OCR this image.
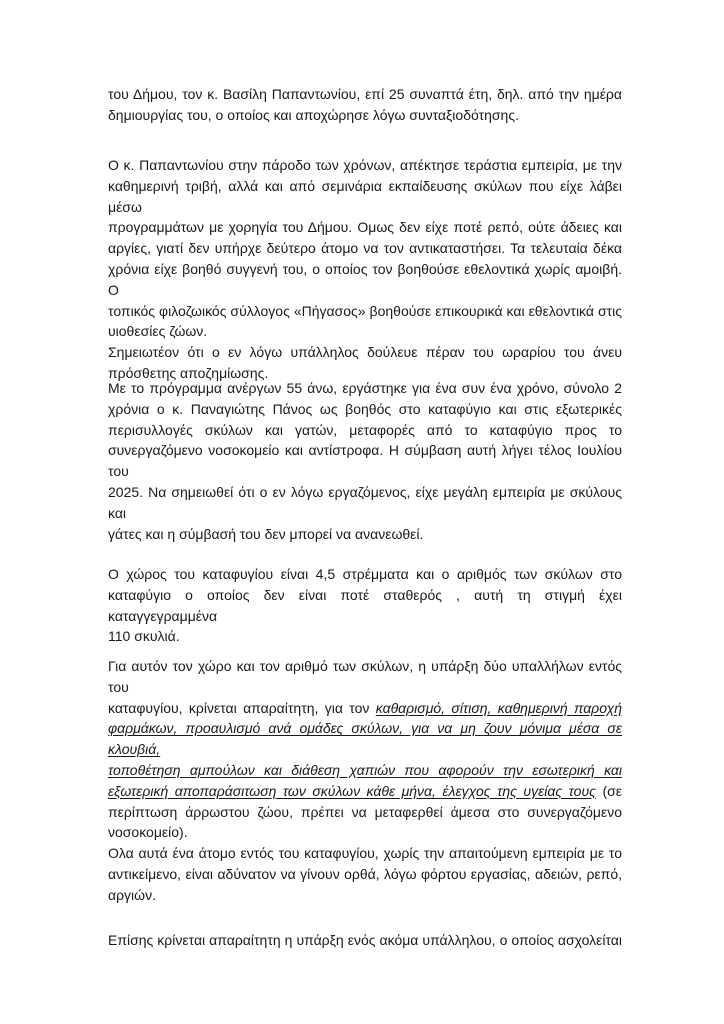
του Δήμου, τον κ. Βασίλη Παπαντωνίου, επί 25 συναπτά έτη, δηλ. από την ημέρα
δημιουργίας του, ο οποίος και αποχώρησε λόγω συνταξιοδότησης.
Ο κ. Παπαντωνίου στην πάροδο των χρόνων, απέκτησε τεράστια εμπειρία, με την
καθημερινή τριβή, αλλά και από σεμινάρια εκπαίδευσης σκύλων που είχε λάβει μέσω
προγραμμάτων με χορηγία του Δήμου. Ομως δεν είχε ποτέ ρεπό, ούτε άδειες και
αργίες, γιατί δεν υπήρχε δεύτερο άτομο να τον αντικαταστήσει. Τα τελευταία δέκα
χρόνια είχε βοηθό συγγενή του, ο οποίος τον βοηθούσε εθελοντικά χωρίς αμοιβή. Ο
τοπικός φιλοζωικός σύλλογος «Πήγασος» βοηθούσε επικουρικά και εθελοντικά στις
υιοθεσίες ζώων.
Σημειωτέον ότι ο εν λόγω υπάλληλος δούλευε πέραν του ωραρίου του άνευ
πρόσθετης αποζημίωσης.
Με το πρόγραμμα ανέργων 55 άνω, εργάστηκε για ένα συν ένα χρόνο, σύνολο 2
χρόνια ο κ. Παναγιώτης Πάνος ως βοηθός στο καταφύγιο και στις εξωτερικές
περισυλλογές σκύλων και γατών, μεταφορές από το καταφύγιο προς το
συνεργαζόμενο νοσοκομείο και αντίστροφα. Η σύμβαση αυτή λήγει τέλος Ιουλίου του
2025. Να σημειωθεί ότι ο εν λόγω εργαζόμενος, είχε μεγάλη εμπειρία με σκύλους και
γάτες και η σύμβασή του δεν μπορεί να ανανεωθεί.
Ο χώρος του καταφυγίου είναι 4,5 στρέμματα και ο αριθμός των σκύλων στο
καταφύγιο ο οποίος δεν είναι ποτέ σταθερός , αυτή τη στιγμή έχει καταγγεγραμμένα
110 σκυλιά.
Για αυτόν τον χώρο και τον αριθμό των σκύλων, η υπάρξη δύο υπαλλήλων εντός του
καταφυγίου, κρίνεται απαραίτητη, για τον καθαρισμό, σίτιση, καθημερινή παροχή
φαρμάκων, προαυλισμό ανά ομάδες σκύλων, για να μη ζουν μόνιμα μέσα σε κλουβιά,
τοποθέτηση αμπούλων και διάθεση χαπιών που αφορούν την εσωτερική και
εξωτερική αποπαράσιτωση των σκύλων κάθε μήνα, έλεγχος της υγείας τους (σε
περίπτωση άρρωστου ζώου, πρέπει να μεταφερθεί άμεσα στο συνεργαζόμενο
νοσοκομείο).
Ολα αυτά ένα άτομο εντός του καταφυγίου, χωρίς την απαιτούμενη εμπειρία με το
αντικείμενο, είναι αδύνατον να γίνουν ορθά, λόγω φόρτου εργασίας, αδειών, ρεπό,
αργιών.
Επίσης κρίνεται απαραίτητη η υπάρξη ενός ακόμα υπάλληλου, ο οποίος ασχολείται
